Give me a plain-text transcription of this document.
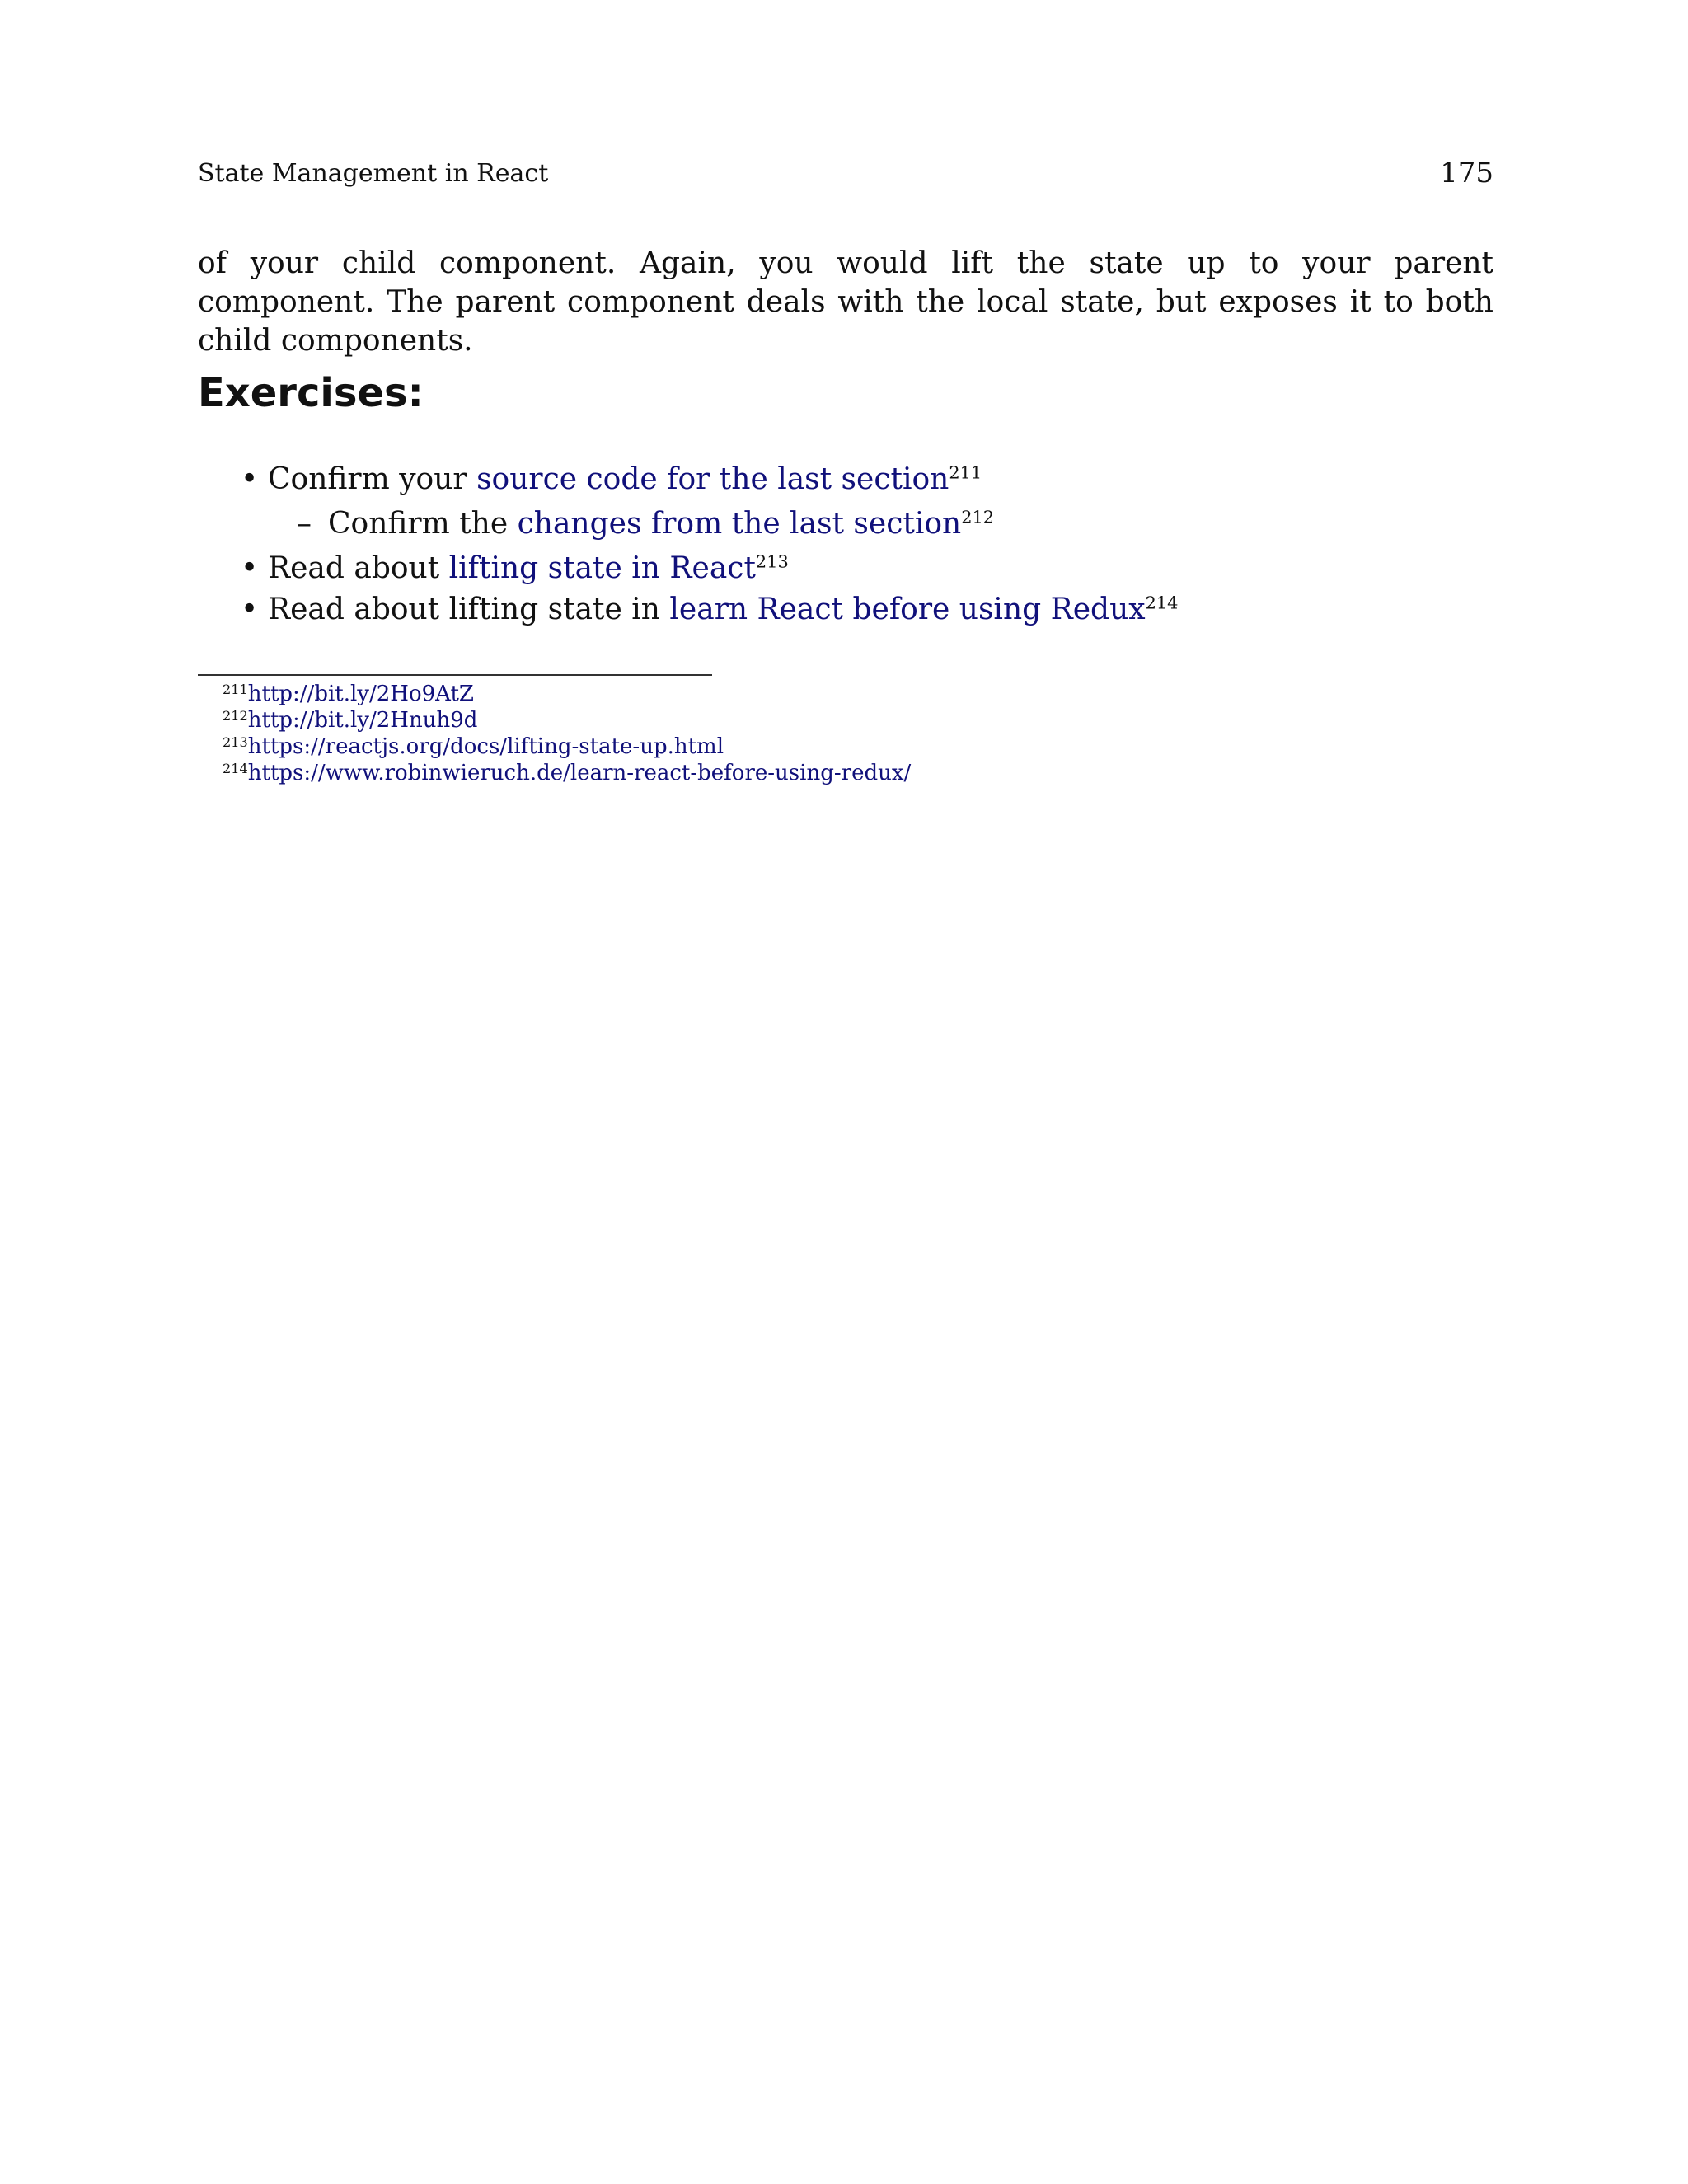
State Management in React	175

of your child component. Again, you would lift the state up to your parent component. The parent component deals with the local state, but exposes it to both child components.

Exercises:
• Confirm your source code for the last section$^{211}$
– Confirm the changes from the last section$^{212}$
• Read about lifting state in React$^{213}$
• Read about lifting state in learn React before using Redux$^{214}$
$^{211}$http://bit.ly/2Ho9AtZ
$^{212}$http://bit.ly/2Hnuh9d
$^{213}$https://reactjs.org/docs/lifting-state-up.html
$^{214}$https://www.robinwieruch.de/learn-react-before-using-redux/
